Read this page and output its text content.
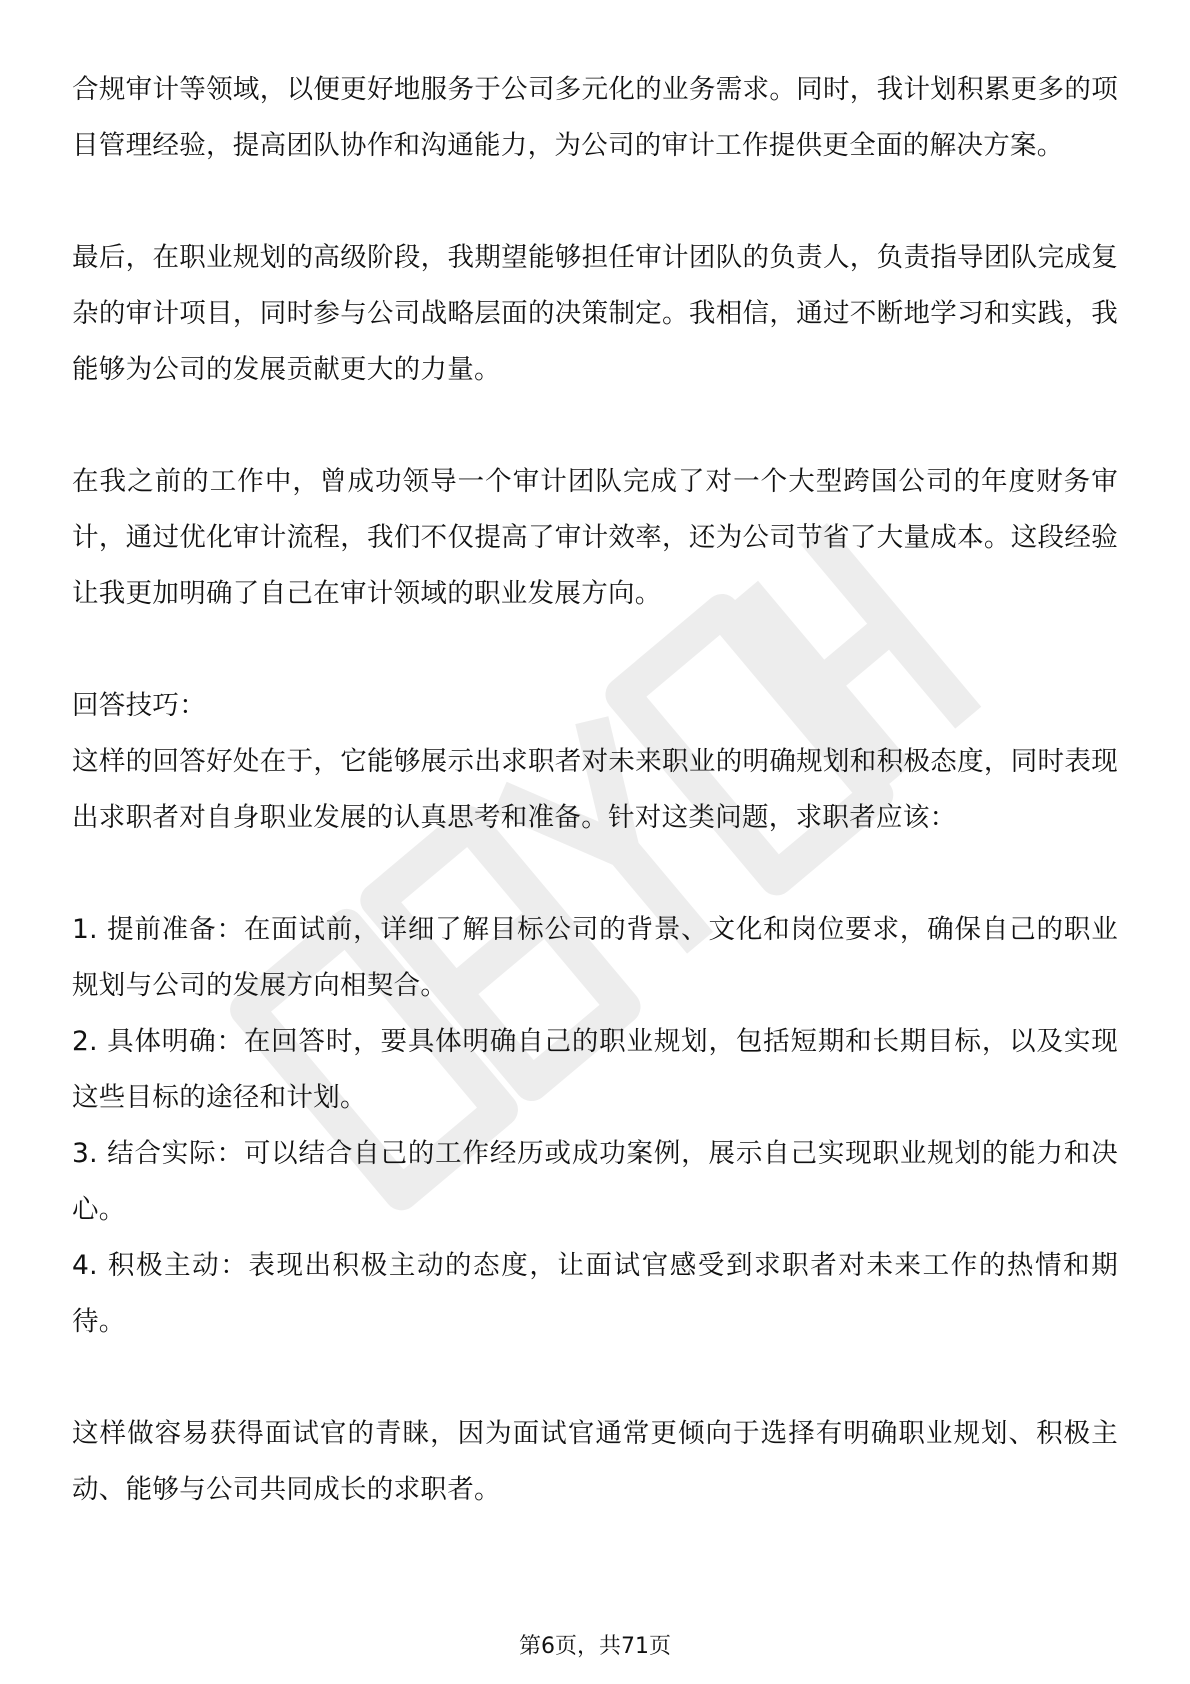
合规审计等领域，以便更好地服务于公司多元化的业务需求。同时，我计划积累更多的项目管理经验，提高团队协作和沟通能力，为公司的审计工作提供更全面的解决方案。

最后，在职业规划的高级阶段，我期望能够担任审计团队的负责人，负责指导团队完成复杂的审计项目，同时参与公司战略层面的决策制定。我相信，通过不断地学习和实践，我能够为公司的发展贡献更大的力量。

在我之前的工作中，曾成功领导一个审计团队完成了对一个大型跨国公司的年度财务审计，通过优化审计流程，我们不仅提高了审计效率，还为公司节省了大量成本。这段经验让我更加明确了自己在审计领域的职业发展方向。

回答技巧：

这样的回答好处在于，它能够展示出求职者对未来职业的明确规划和积极态度，同时表现出求职者对自身职业发展的认真思考和准备。针对这类问题，求职者应该：

1. 提前准备：在面试前，详细了解目标公司的背景、文化和岗位要求，确保自己的职业规划与公司的发展方向相契合。

2. 具体明确：在回答时，要具体明确自己的职业规划，包括短期和长期目标，以及实现这些目标的途径和计划。

3. 结合实际：可以结合自己的工作经历或成功案例，展示自己实现职业规划的能力和决心。

4. 积极主动：表现出积极主动的态度，让面试官感受到求职者对未来工作的热情和期待。

这样做容易获得面试官的青睐，因为面试官通常更倾向于选择有明确职业规划、积极主动、能够与公司共同成长的求职者。

第6页，共71页
